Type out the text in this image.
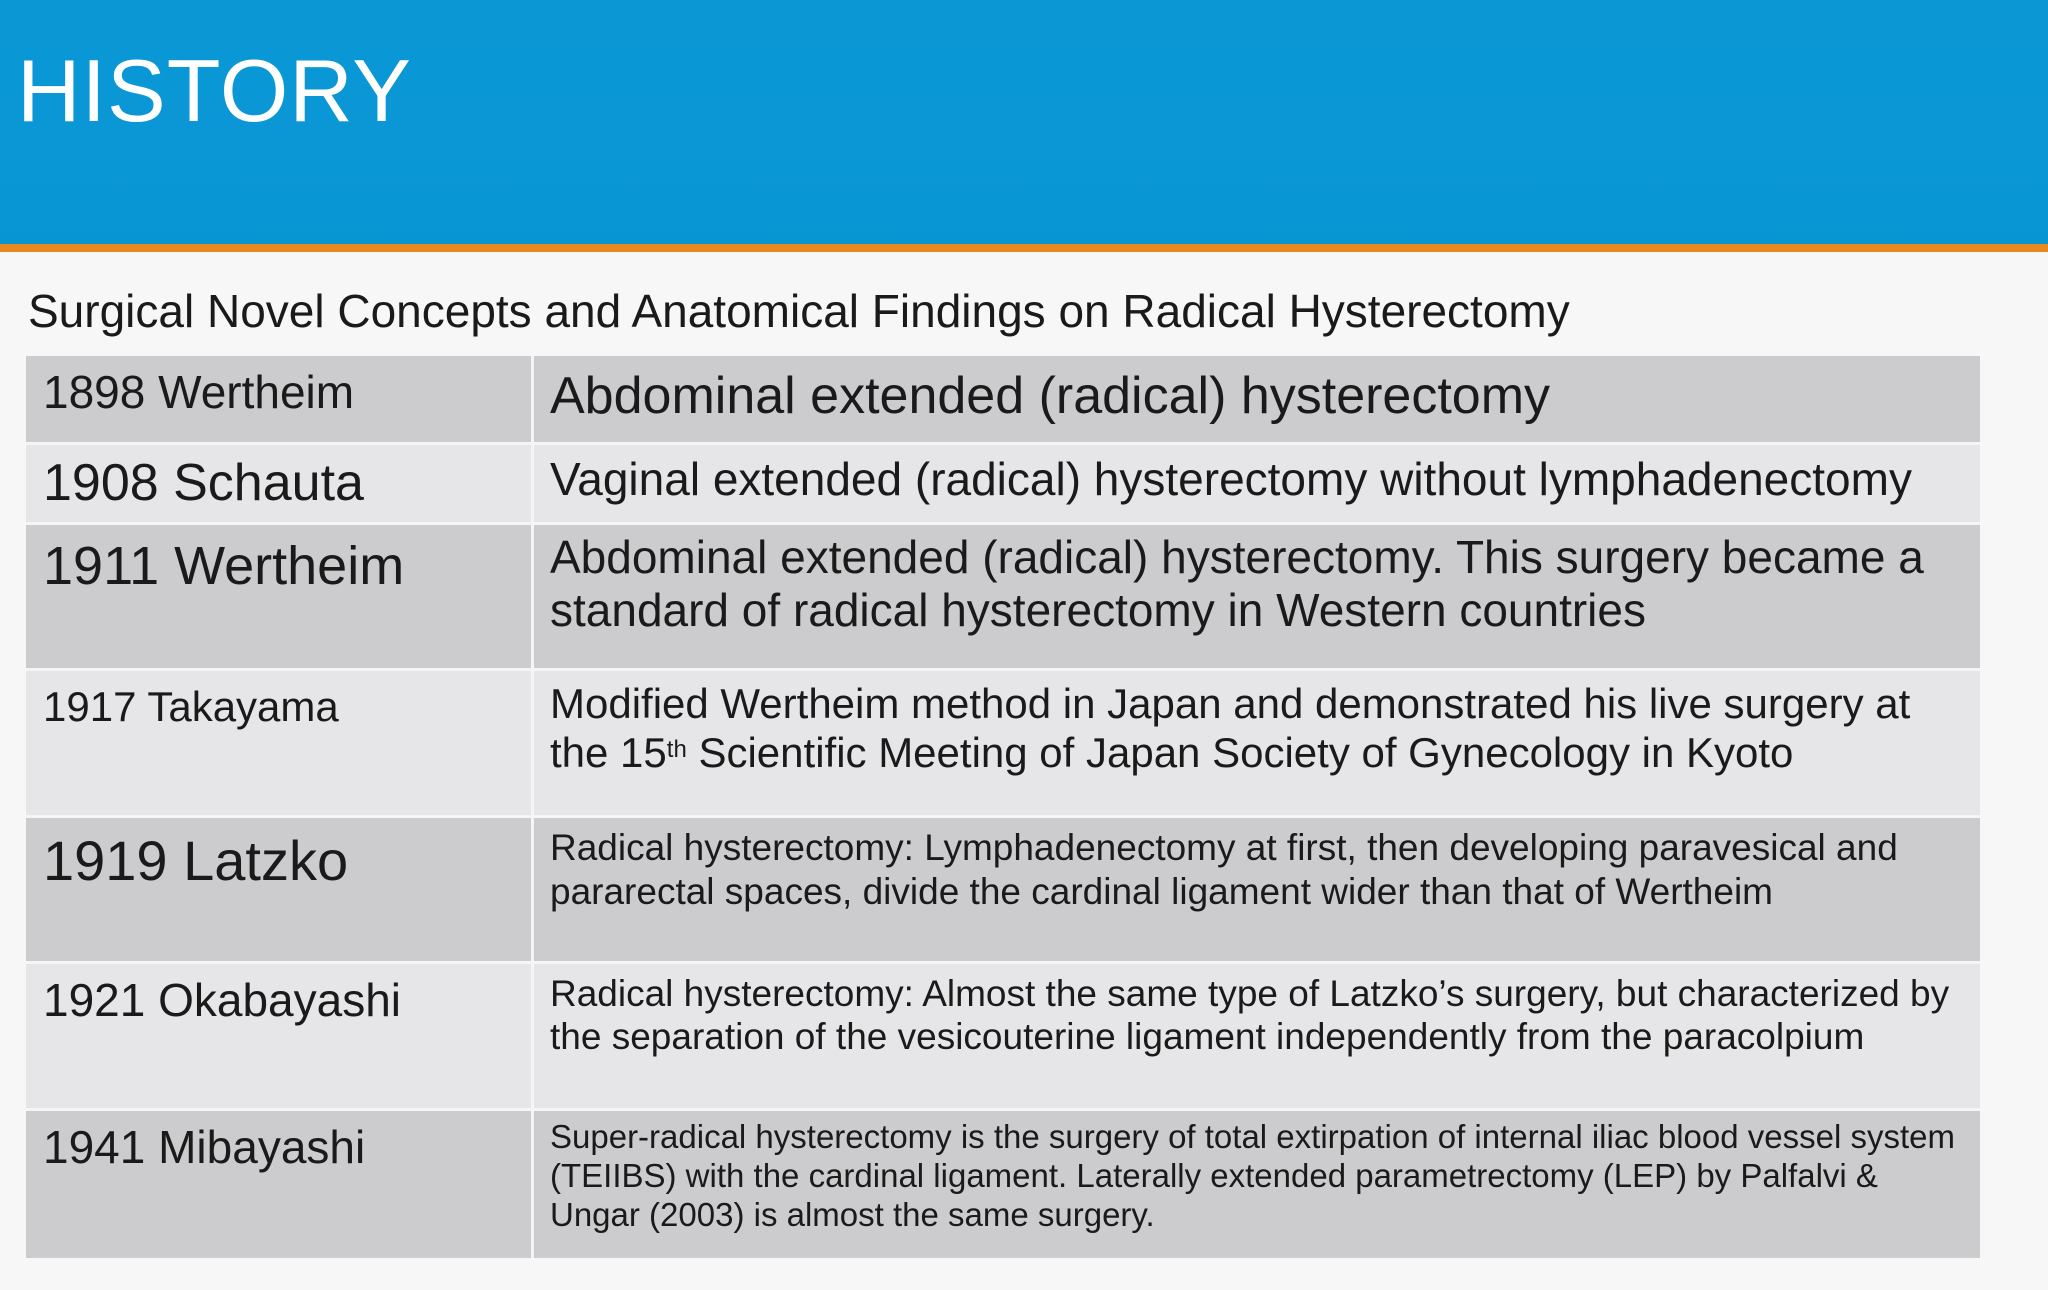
HISTORY
Surgical Novel Concepts and Anatomical Findings on Radical Hysterectomy
1898 Wertheim	Abdominal extended (radical) hysterectomy
1908 Schauta	Vaginal extended (radical) hysterectomy without lymphadenectomy
1911 Wertheim	Abdominal extended (radical) hysterectomy. This surgery became a standard of radical hysterectomy in Western countries
1917 Takayama	Modified Wertheim method in Japan and demonstrated his live surgery at the 15th Scientific Meeting of Japan Society of Gynecology in Kyoto
1919 Latzko	Radical hysterectomy: Lymphadenectomy at first, then developing paravesical and pararectal spaces, divide the cardinal ligament wider than that of Wertheim
1921 Okabayashi	Radical hysterectomy: Almost the same type of Latzko’s surgery, but characterized by the separation of the vesicouterine ligament independently from the paracolpium
1941 Mibayashi	Super-radical hysterectomy is the surgery of total extirpation of internal iliac blood vessel system (TEIIBS) with the cardinal ligament. Laterally extended parametrectomy (LEP) by Palfalvi & Ungar (2003) is almost the same surgery.
